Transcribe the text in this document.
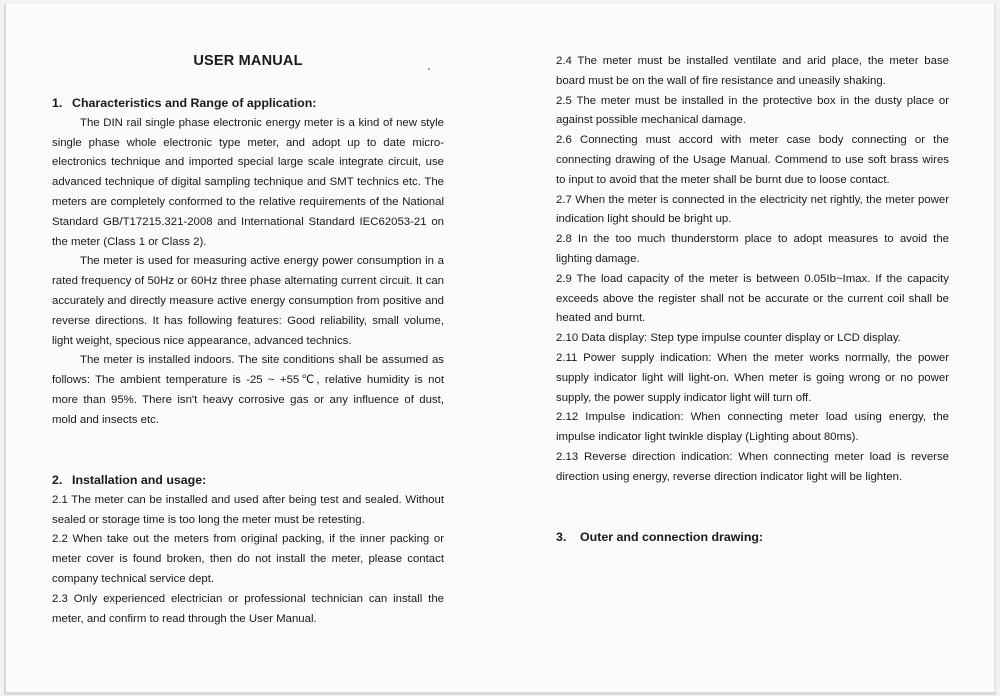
USER MANUAL
1. Characteristics and Range of application:

The DIN rail single phase electronic energy meter is a kind of new style single phase whole electronic type meter, and adopt up to date micro-electronics technique and imported special large scale integrate circuit, use advanced technique of digital sampling technique and SMT technics etc. The meters are completely conformed to the relative requirements of the National Standard GB/T17215.321-2008 and International Standard IEC62053-21 on the meter (Class 1 or Class 2).

The meter is used for measuring active energy power consumption in a rated frequency of 50Hz or 60Hz three phase alternating current circuit. It can accurately and directly measure active energy consumption from positive and reverse directions. It has following features: Good reliability, small volume, light weight, specious nice appearance, advanced technics.

The meter is installed indoors. The site conditions shall be assumed as follows: The ambient temperature is -25 ~ +55℃, relative humidity is not more than 95%. There isn't heavy corrosive gas or any influence of dust, mold and insects etc.

2. Installation and usage:

2.1 The meter can be installed and used after being test and sealed. Without sealed or storage time is too long the meter must be retesting.

2.2 When take out the meters from original packing, if the inner packing or meter cover is found broken, then do not install the meter, please contact company technical service dept.

2.3 Only experienced electrician or professional technician can install the meter, and confirm to read through the User Manual.

2.4 The meter must be installed ventilate and arid place, the meter base board must be on the wall of fire resistance and uneasily shaking.

2.5 The meter must be installed in the protective box in the dusty place or against possible mechanical damage.

2.6 Connecting must accord with meter case body connecting or the connecting drawing of the Usage Manual. Commend to use soft brass wires to input to avoid that the meter shall be burnt due to loose contact.

2.7 When the meter is connected in the electricity net rightly, the meter power indication light should be bright up.

2.8 In the too much thunderstorm place to adopt measures to avoid the lighting damage.

2.9 The load capacity of the meter is between 0.05Ib~Imax. If the capacity exceeds above the register shall not be accurate or the current coil shall be heated and burnt.

2.10 Data display: Step type impulse counter display or LCD display.

2.11 Power supply indication: When the meter works normally, the power supply indicator light will light-on. When meter is going wrong or no power supply, the power supply indicator light will turn off.

2.12 Impulse indication: When connecting meter load using energy, the impulse indicator light twinkle display (Lighting about 80ms).

2.13 Reverse direction indication: When connecting meter load is reverse direction using energy, reverse direction indicator light will be lighten.

3. Outer and connection drawing:
